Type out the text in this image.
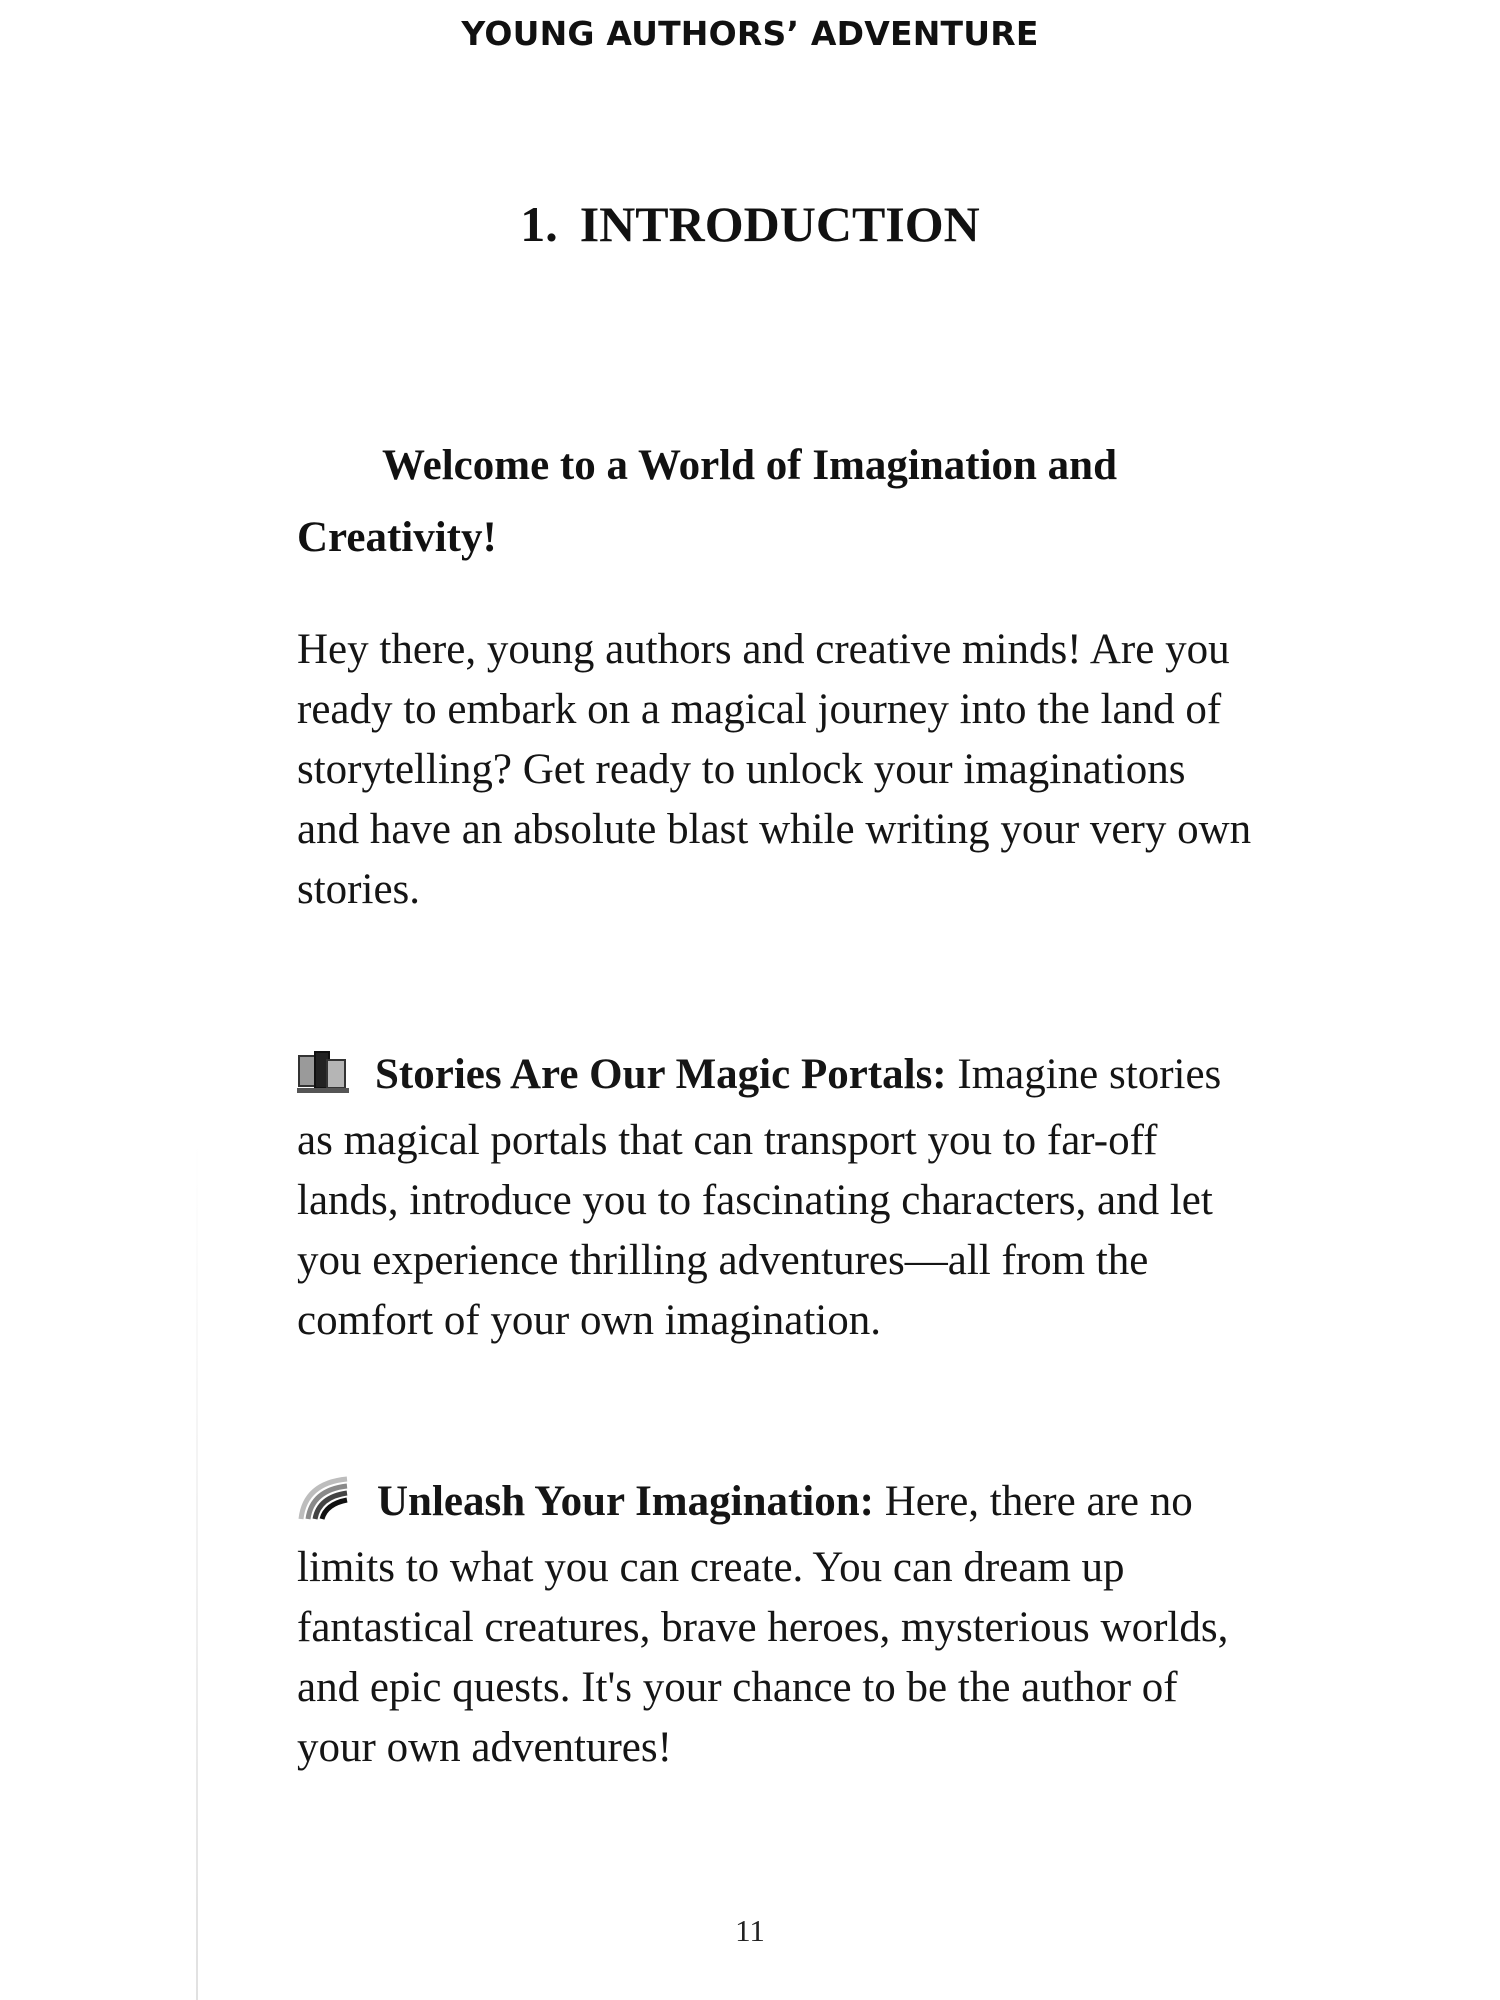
YOUNG AUTHORS’ ADVENTURE
1. INTRODUCTION
Welcome to a World of Imagination and Creativity!

Hey there, young authors and creative minds! Are you ready to embark on a magical journey into the land of storytelling? Get ready to unlock your imaginations and have an absolute blast while writing your very own stories.

Stories Are Our Magic Portals: Imagine stories as magical portals that can transport you to far-off lands, introduce you to fascinating characters, and let you experience thrilling adventures—all from the comfort of your own imagination.

Unleash Your Imagination: Here, there are no limits to what you can create. You can dream up fantastical creatures, brave heroes, mysterious worlds, and epic quests. It's your chance to be the author of your own adventures!

11
